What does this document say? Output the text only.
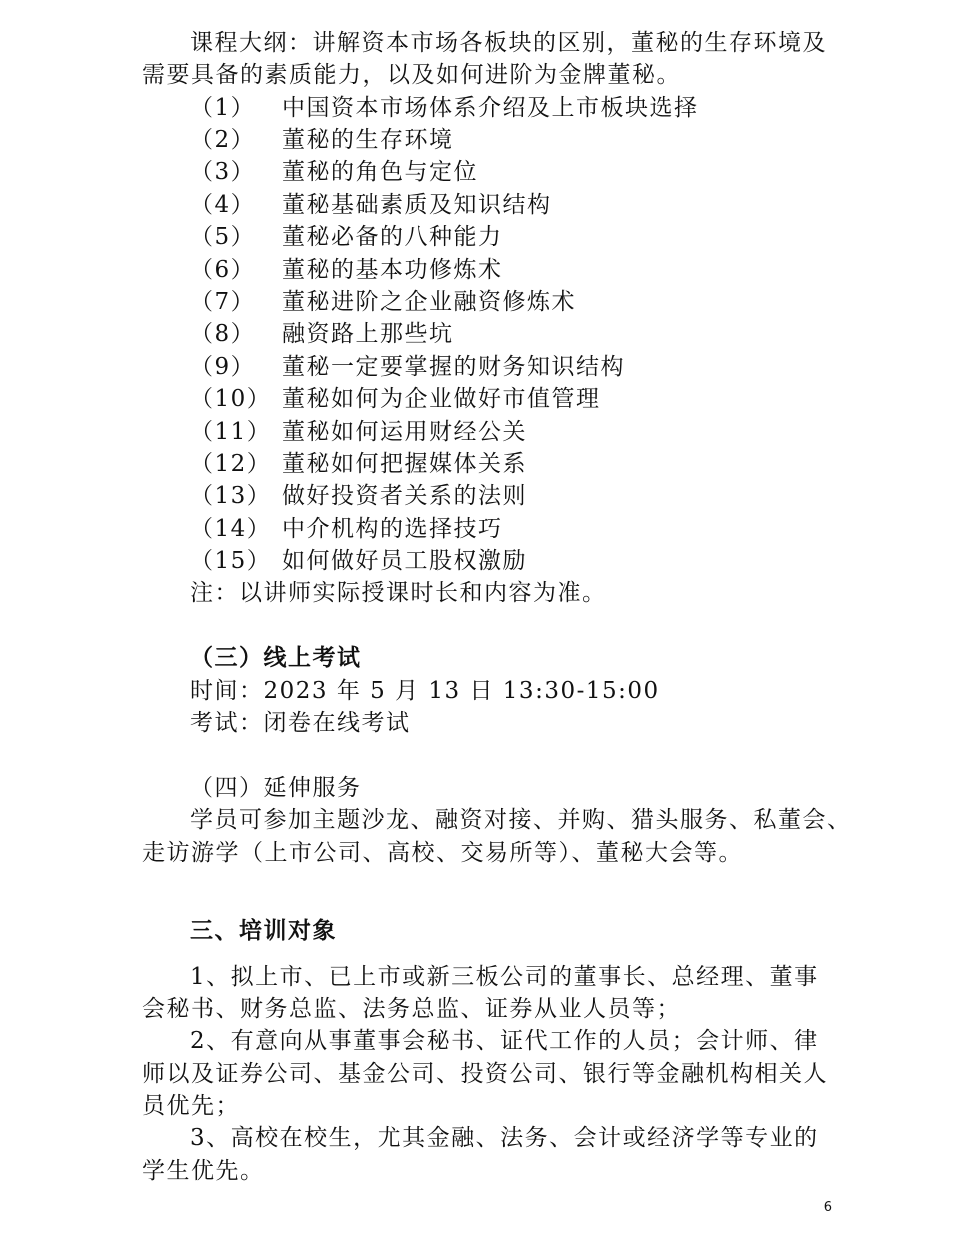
课程大纲：讲解资本市场各板块的区别，董秘的生存环境及
需要具备的素质能力，以及如何进阶为金牌董秘。
（1） 中国资本市场体系介绍及上市板块选择
（2） 董秘的生存环境
（3） 董秘的角色与定位
（4） 董秘基础素质及知识结构
（5） 董秘必备的八种能力
（6） 董秘的基本功修炼术
（7） 董秘进阶之企业融资修炼术
（8） 融资路上那些坑
（9） 董秘一定要掌握的财务知识结构
（10） 董秘如何为企业做好市值管理
（11） 董秘如何运用财经公关
（12） 董秘如何把握媒体关系
（13） 做好投资者关系的法则
（14） 中介机构的选择技巧
（15） 如何做好员工股权激励
注：以讲师实际授课时长和内容为准。
（三）线上考试
时间：2023 年 5 月 13 日 13:30-15:00
考试：闭卷在线考试
（四）延伸服务
学员可参加主题沙龙、融资对接、并购、猎头服务、私董会、
走访游学（上市公司、高校、交易所等）、董秘大会等。
三、培训对象
1、拟上市、已上市或新三板公司的董事长、总经理、董事
会秘书、财务总监、法务总监、证券从业人员等；
2、有意向从事董事会秘书、证代工作的人员；会计师、律
师以及证券公司、基金公司、投资公司、银行等金融机构相关人
员优先；
3、高校在校生，尤其金融、法务、会计或经济学等专业的
学生优先。
6
